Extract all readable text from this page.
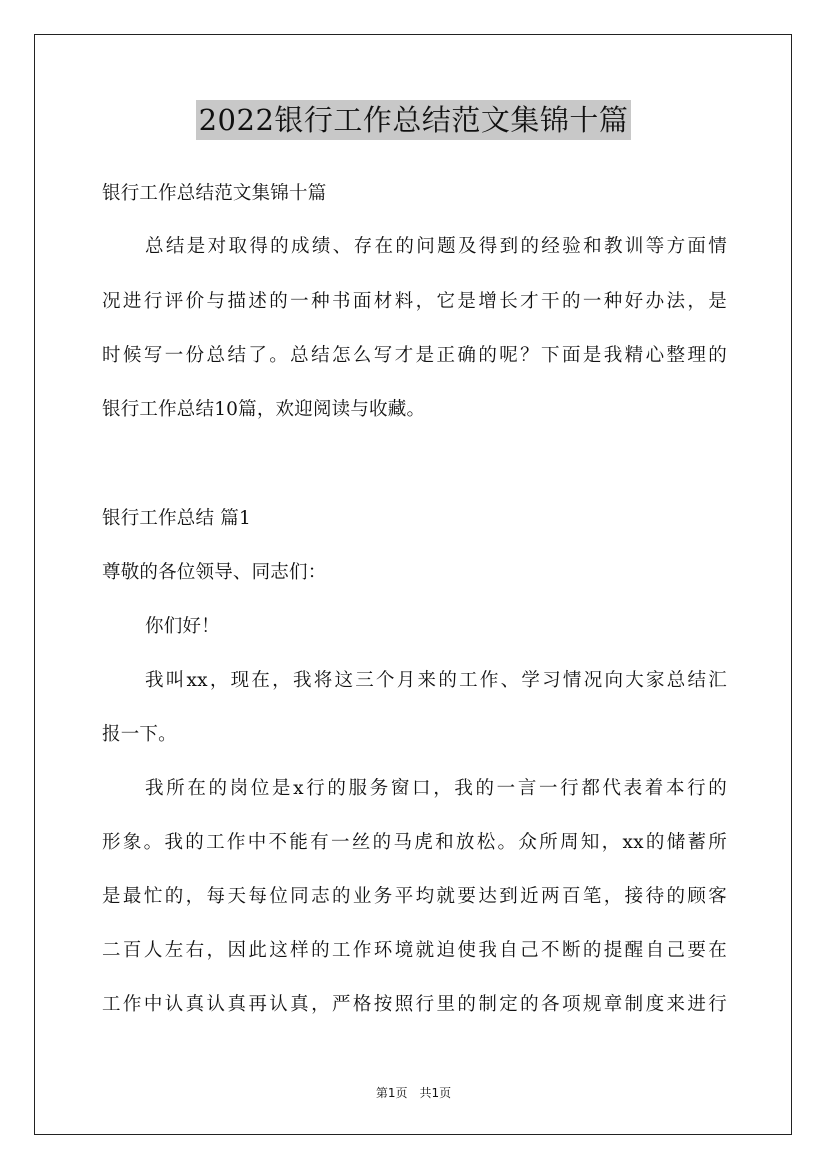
2022银行工作总结范文集锦十篇
银行工作总结范文集锦十篇
总结是对取得的成绩、存在的问题及得到的经验和教训等方面情
况进行评价与描述的一种书面材料，它是增长才干的一种好办法，是
时候写一份总结了。总结怎么写才是正确的呢？下面是我精心整理的
银行工作总结10篇，欢迎阅读与收藏。
银行工作总结 篇1
尊敬的各位领导、同志们：
你们好！
我叫xx，现在，我将这三个月来的工作、学习情况向大家总结汇
报一下。
我所在的岗位是x行的服务窗口，我的一言一行都代表着本行的
形象。我的工作中不能有一丝的马虎和放松。众所周知，xx的储蓄所
是最忙的，每天每位同志的业务平均就要达到近两百笔，接待的顾客
二百人左右，因此这样的工作环境就迫使我自己不断的提醒自己要在
工作中认真认真再认真，严格按照行里的制定的各项规章制度来进行
第1页　共1页
